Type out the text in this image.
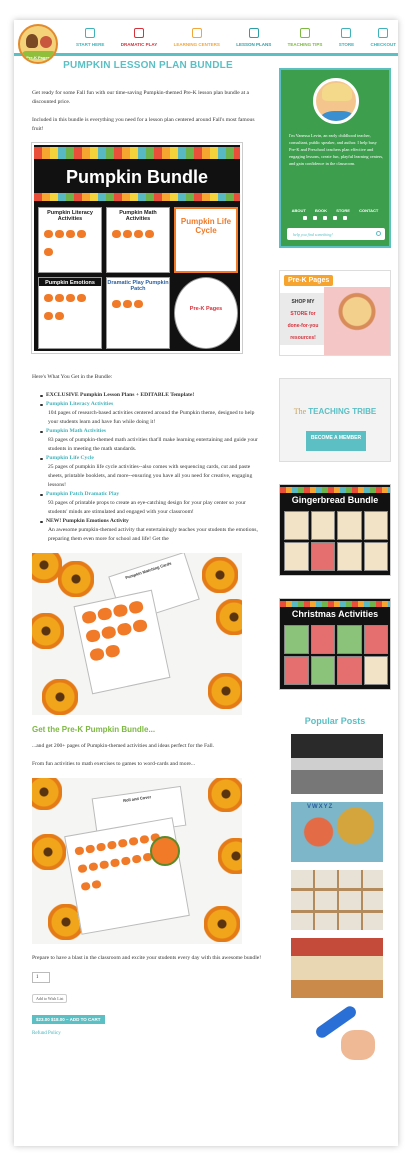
Pre-K Pages
START HERE	DRAMATIC PLAY	LEARNING CENTERS	LESSON PLANS	TEACHING TIPS	STORE	CHECKOUT
PUMPKIN LESSON PLAN BUNDLE

Get ready for some Fall fun with our time-saving Pumpkin-themed Pre-K lesson plan bundle at a discounted price.

Included in this bundle is everything you need for a lesson plan centered around Fall's most famous fruit!

Pumpkin Bundle
Pumpkin Literacy Activities
Pumpkin Math Activities	Pumpkin Life Cycle
Pumpkin Emotions	Dramatic Play Pumpkin Patch
Pre-K Pages

Here's What You Get in the Bundle:

EXCLUSIVE Pumpkin Lesson Plans + EDITABLE Template!
Pumpkin Literacy Activities
104 pages of research-based activities centered around the Pumpkin theme, designed to help your students learn and have fun while doing it!
Pumpkin Math Activities
83 pages of pumpkin-themed math activities that'll make learning entertaining and guide your students in meeting the math standards.
Pumpkin Life Cycle
25 pages of pumpkin life cycle activities--also comes with sequencing cards, cut and paste sheets, printable booklets, and more--ensuring you have all you need for creative, engaging lessons!
Pumpkin Patch Dramatic Play
93 pages of printable props to create an eye-catching design for your play center so your students' minds are stimulated and engaged with your classroom!
NEW! Pumpkin Emotions Activity
An awesome pumpkin-themed activity that entertainingly teaches your students the emotions, preparing them even more for school and life! Get the
Pumpkin Matching Cards
Get the Pre-K Pumpkin Bundle...

...and get 200+ pages of Pumpkin-themed activities and ideas perfect for the Fall.

From fun activities to math exercises to games to word-cards and more...

Roll and Cover

Prepare to have a blast in the classroom and excite your students every day with this awesome bundle!

1
Add to Wish List
$23.00 $18.00 – ADD TO CART
Refund Policy

I'm Vanessa Levin, an early childhood teacher, consultant, public speaker, and author. I help busy Pre-K and Preschool teachers plan effective and engaging lessons, create fun, playful learning centers, and gain confidence in the classroom.

ABOUT BOOK STORE CONTACT
help you find something!
Pre-K Pages
SHOP MY
STORE for
done-for-you
resources!
The TEACHING TRIBE
BECOME A MEMBER
Gingerbread Bundle
Christmas Activities
Popular Posts
VWXYZ
